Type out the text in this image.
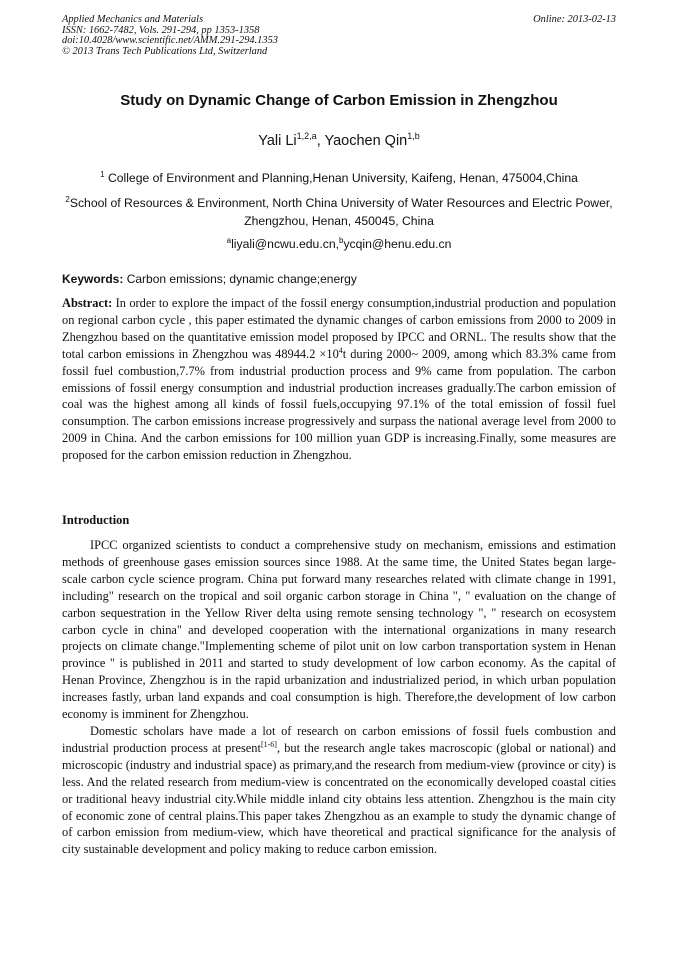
Applied Mechanics and Materials
ISSN: 1662-7482, Vols. 291-294, pp 1353-1358
doi:10.4028/www.scientific.net/AMM.291-294.1353
© 2013 Trans Tech Publications Ltd, Switzerland
Online: 2013-02-13
Study on Dynamic Change of Carbon Emission in Zhengzhou
Yali Li$^{1,2,a}$, Yaochen Qin$^{1,b}$
$^1$ College of Environment and Planning,Henan University, Kaifeng, Henan, 475004,China
$^2$School of Resources & Environment, North China University of Water Resources and Electric Power, Zhengzhou, Henan, 450045, China
$^a$liyali@ncwu.edu.cn,$^b$ycqin@henu.edu.cn
Keywords: Carbon emissions; dynamic change;energy

Abstract: In order to explore the impact of the fossil energy consumption,industrial production and population on regional carbon cycle , this paper estimated the dynamic changes of carbon emissions from 2000 to 2009 in Zhengzhou based on the quantitative emission model proposed by IPCC and ORNL. The results show that the total carbon emissions in Zhengzhou was $48944.2 \times 10^4t$ during 2000~ 2009, among which 83.3% came from fossil fuel combustion,7.7% from industrial production process and 9% came from population. The carbon emissions of fossil energy consumption and industrial production increases gradually.The carbon emission of coal was the highest among all kinds of fossil fuels,occupying 97.1% of the total emission of fossil fuel consumption. The carbon emissions increase progressively and surpass the national average level from 2000 to 2009 in China. And the carbon emissions for 100 million yuan GDP is increasing.Finally, some measures are proposed for the carbon emission reduction in Zhengzhou.

Introduction

IPCC organized scientists to conduct a comprehensive study on mechanism, emissions and estimation methods of greenhouse gases emission sources since 1988. At the same time, the United States began large-scale carbon cycle science program. China put forward many researches related with climate change in 1991, including" research on the tropical and soil organic carbon storage in China ", " evaluation on the change of carbon sequestration in the Yellow River delta using remote sensing technology ", " research on ecosystem carbon cycle in china" and developed cooperation with the international organizations in many research projects on climate change."Implementing scheme of pilot unit on low carbon transportation system in Henan province " is published in 2011 and started to study development of low carbon economy. As the capital of Henan Province, Zhengzhou is in the rapid urbanization and industrialized period, in which urban population increases fastly, urban land expands and coal consumption is high. Therefore,the development of low carbon economy is imminent for Zhengzhou.

Domestic scholars have made a lot of research on carbon emissions of fossil fuels combustion and industrial production process at present[1-6], but the research angle takes macroscopic (global or national) and microscopic (industry and industrial space) as primary,and the research from medium-view (province or city) is less. And the related research from medium-view is concentrated on the economically developed coastal cities or traditional heavy industrial city.While middle inland city obtains less attention. Zhengzhou is the main city of economic zone of central plains.This paper takes Zhengzhou as an example to study the dynamic change of of carbon emission from medium-view, which have theoretical and practical significance for the analysis of city sustainable development and policy making to reduce carbon emission.
